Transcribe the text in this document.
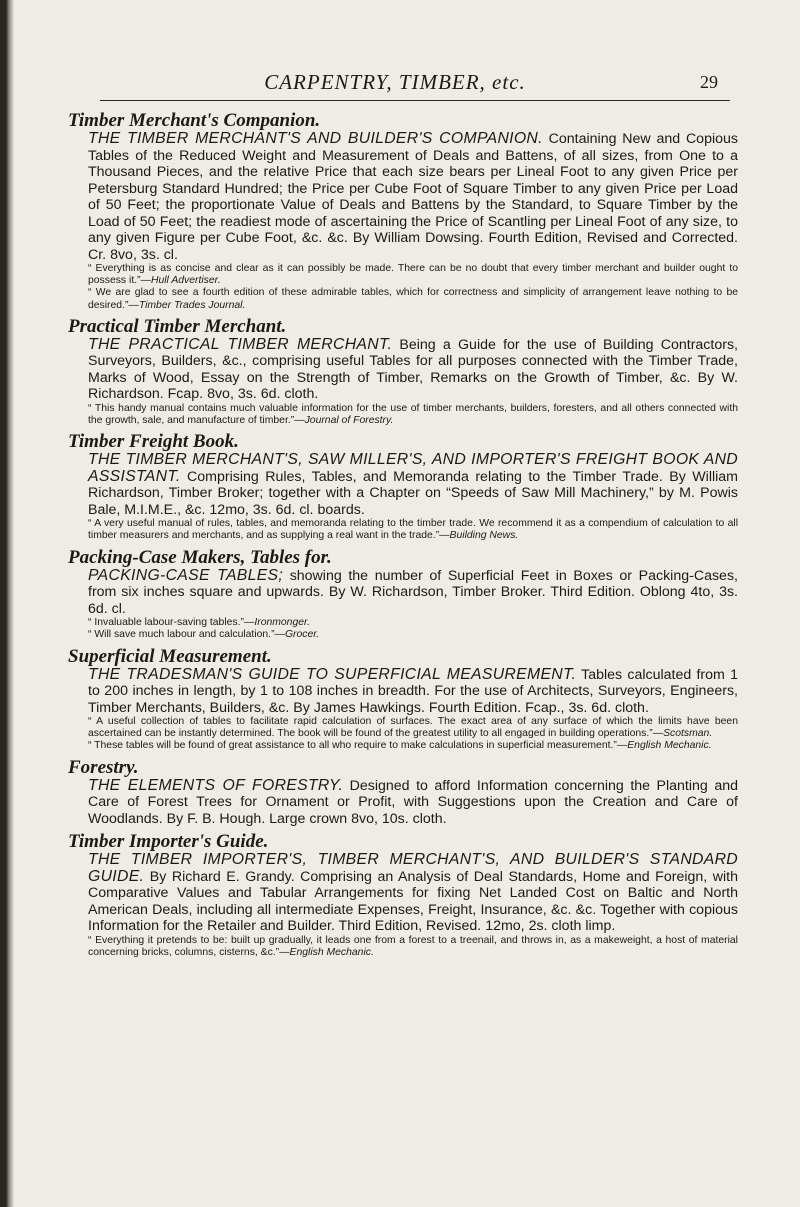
CARPENTRY, TIMBER, etc.	29

Timber Merchant's Companion.

THE TIMBER MERCHANT'S AND BUILDER'S COMPANION. Containing New and Copious Tables of the Reduced Weight and Measurement of Deals and Battens, of all sizes, from One to a Thousand Pieces, and the relative Price that each size bears per Lineal Foot to any given Price per Petersburg Standard Hundred; the Price per Cube Foot of Square Timber to any given Price per Load of 50 Feet; the proportionate Value of Deals and Battens by the Standard, to Square Timber by the Load of 50 Feet; the readiest mode of ascertaining the Price of Scantling per Lineal Foot of any size, to any given Figure per Cube Foot, &c. &c. By William Dowsing. Fourth Edition, Revised and Corrected. Cr. 8vo, 3s. cl.

“ Everything is as concise and clear as it can possibly be made. There can be no doubt that every timber merchant and builder ought to possess it.”—Hull Advertiser.

“ We are glad to see a fourth edition of these admirable tables, which for correctness and simplicity of arrangement leave nothing to be desired.”—Timber Trades Journal.

Practical Timber Merchant.

THE PRACTICAL TIMBER MERCHANT. Being a Guide for the use of Building Contractors, Surveyors, Builders, &c., comprising useful Tables for all purposes connected with the Timber Trade, Marks of Wood, Essay on the Strength of Timber, Remarks on the Growth of Timber, &c. By W. Richardson. Fcap. 8vo, 3s. 6d. cloth.

“ This handy manual contains much valuable information for the use of timber merchants, builders, foresters, and all others connected with the growth, sale, and manufacture of timber.”—Journal of Forestry.

Timber Freight Book.

THE TIMBER MERCHANT'S, SAW MILLER'S, AND IMPORTER'S FREIGHT BOOK AND ASSISTANT. Comprising Rules, Tables, and Memoranda relating to the Timber Trade. By William Richardson, Timber Broker; together with a Chapter on “Speeds of Saw Mill Machinery,” by M. Powis Bale, M.I.M.E., &c. 12mo, 3s. 6d. cl. boards.

“ A very useful manual of rules, tables, and memoranda relating to the timber trade. We recommend it as a compendium of calculation to all timber measurers and merchants, and as supplying a real want in the trade.”—Building News.

Packing-Case Makers, Tables for.

PACKING-CASE TABLES; showing the number of Superficial Feet in Boxes or Packing-Cases, from six inches square and upwards. By W. Richardson, Timber Broker. Third Edition. Oblong 4to, 3s. 6d. cl.

“ Invaluable labour-saving tables.”—Ironmonger.

“ Will save much labour and calculation.”—Grocer.

Superficial Measurement.

THE TRADESMAN'S GUIDE TO SUPERFICIAL MEASUREMENT. Tables calculated from 1 to 200 inches in length, by 1 to 108 inches in breadth. For the use of Architects, Surveyors, Engineers, Timber Merchants, Builders, &c. By James Hawkings. Fourth Edition. Fcap., 3s. 6d. cloth.

“ A useful collection of tables to facilitate rapid calculation of surfaces. The exact area of any surface of which the limits have been ascertained can be instantly determined. The book will be found of the greatest utility to all engaged in building operations.”—Scotsman.

“ These tables will be found of great assistance to all who require to make calculations in superficial measurement.”—English Mechanic.

Forestry.

THE ELEMENTS OF FORESTRY. Designed to afford Information concerning the Planting and Care of Forest Trees for Ornament or Profit, with Suggestions upon the Creation and Care of Woodlands. By F. B. Hough. Large crown 8vo, 10s. cloth.

Timber Importer's Guide.

THE TIMBER IMPORTER'S, TIMBER MERCHANT'S, AND BUILDER'S STANDARD GUIDE. By Richard E. Grandy. Comprising an Analysis of Deal Standards, Home and Foreign, with Comparative Values and Tabular Arrangements for fixing Net Landed Cost on Baltic and North American Deals, including all intermediate Expenses, Freight, Insurance, &c. &c. Together with copious Information for the Retailer and Builder. Third Edition, Revised. 12mo, 2s. cloth limp.

“ Everything it pretends to be: built up gradually, it leads one from a forest to a treenail, and throws in, as a makeweight, a host of material concerning bricks, columns, cisterns, &c.”—English Mechanic.
